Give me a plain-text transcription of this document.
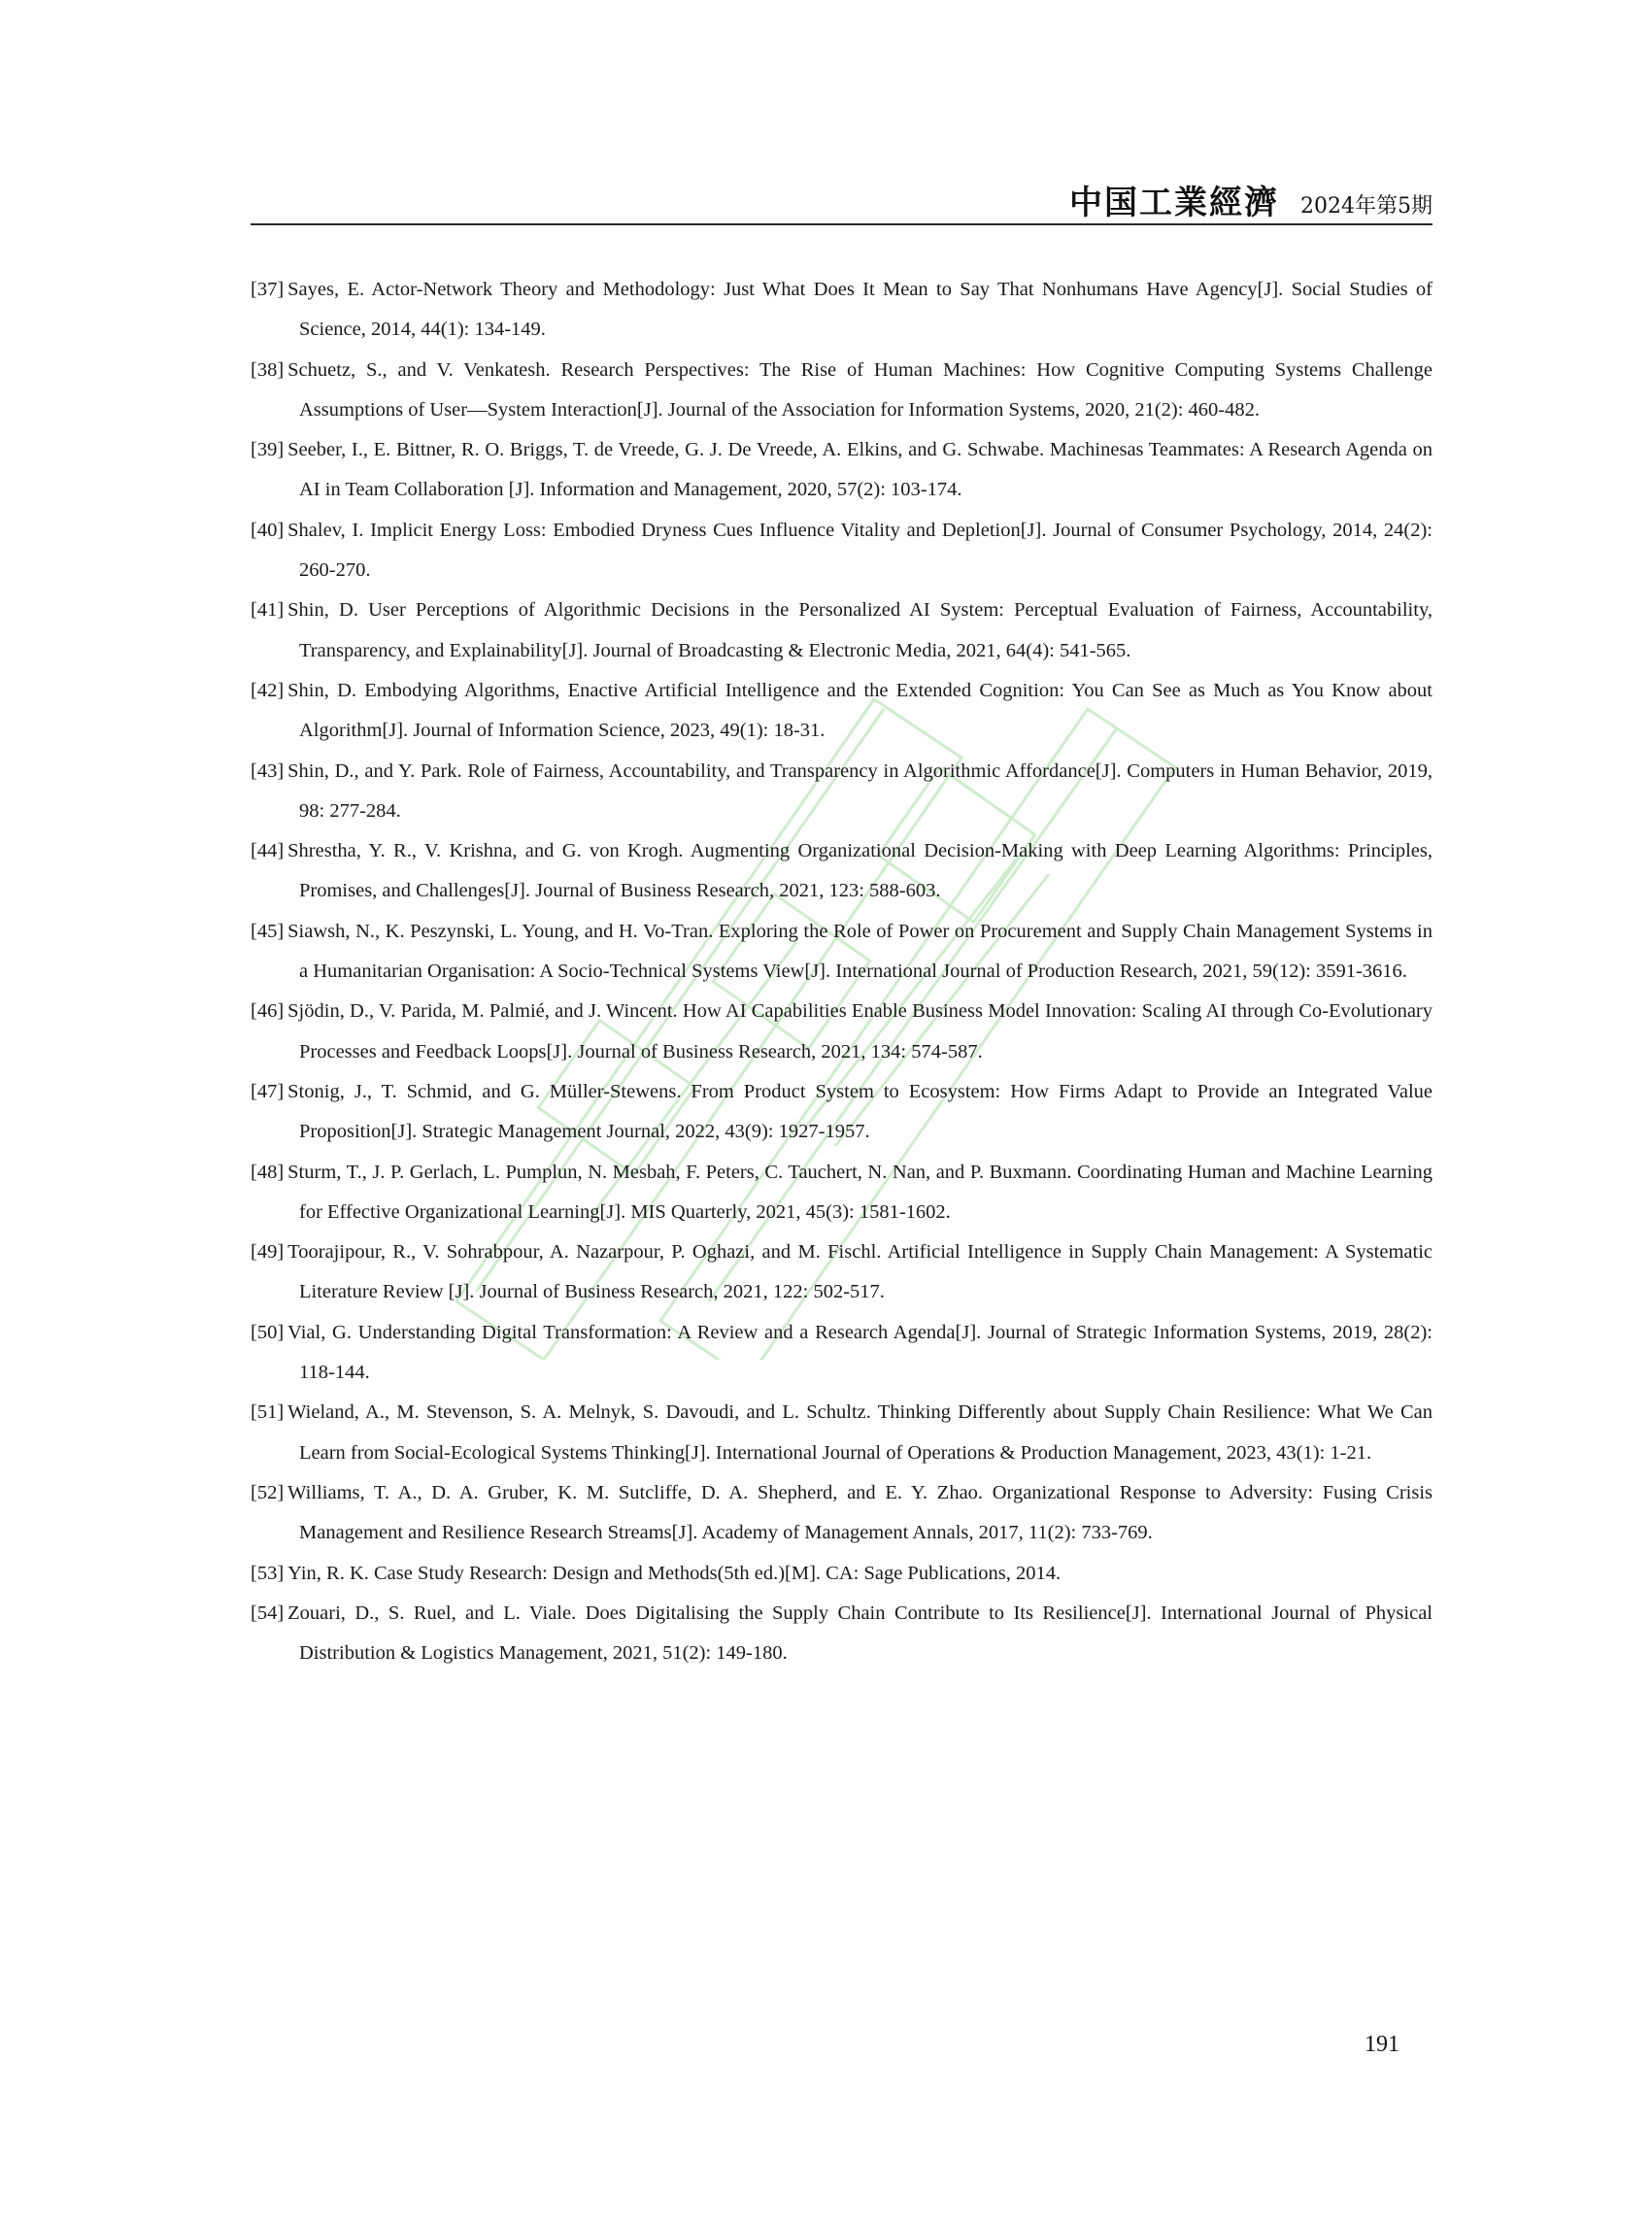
中国工業經濟 2024年第5期
[37] Sayes, E. Actor-Network Theory and Methodology: Just What Does It Mean to Say That Nonhumans Have Agency[J]. Social Studies of Science, 2014, 44(1): 134-149.
[38] Schuetz, S., and V. Venkatesh. Research Perspectives: The Rise of Human Machines: How Cognitive Computing Systems Challenge Assumptions of User—System Interaction[J]. Journal of the Association for Information Systems, 2020, 21(2): 460-482.
[39] Seeber, I., E. Bittner, R. O. Briggs, T. de Vreede, G. J. De Vreede, A. Elkins, and G. Schwabe. Machinesas Teammates: A Research Agenda on AI in Team Collaboration [J]. Information and Management, 2020, 57(2): 103-174.
[40] Shalev, I. Implicit Energy Loss: Embodied Dryness Cues Influence Vitality and Depletion[J]. Journal of Consumer Psychology, 2014, 24(2): 260-270.
[41] Shin, D. User Perceptions of Algorithmic Decisions in the Personalized AI System: Perceptual Evaluation of Fairness, Accountability, Transparency, and Explainability[J]. Journal of Broadcasting & Electronic Media, 2021, 64(4): 541-565.
[42] Shin, D. Embodying Algorithms, Enactive Artificial Intelligence and the Extended Cognition: You Can See as Much as You Know about Algorithm[J]. Journal of Information Science, 2023, 49(1): 18-31.
[43] Shin, D., and Y. Park. Role of Fairness, Accountability, and Transparency in Algorithmic Affordance[J]. Computers in Human Behavior, 2019, 98: 277-284.
[44] Shrestha, Y. R., V. Krishna, and G. von Krogh. Augmenting Organizational Decision-Making with Deep Learning Algorithms: Principles, Promises, and Challenges[J]. Journal of Business Research, 2021, 123: 588-603.
[45] Siawsh, N., K. Peszynski, L. Young, and H. Vo-Tran. Exploring the Role of Power on Procurement and Supply Chain Management Systems in a Humanitarian Organisation: A Socio-Technical Systems View[J]. International Journal of Production Research, 2021, 59(12): 3591-3616.
[46] Sjödin, D., V. Parida, M. Palmié, and J. Wincent. How AI Capabilities Enable Business Model Innovation: Scaling AI through Co-Evolutionary Processes and Feedback Loops[J]. Journal of Business Research, 2021, 134: 574-587.
[47] Stonig, J., T. Schmid, and G. Müller-Stewens. From Product System to Ecosystem: How Firms Adapt to Provide an Integrated Value Proposition[J]. Strategic Management Journal, 2022, 43(9): 1927-1957.
[48] Sturm, T., J. P. Gerlach, L. Pumplun, N. Mesbah, F. Peters, C. Tauchert, N. Nan, and P. Buxmann. Coordinating Human and Machine Learning for Effective Organizational Learning[J]. MIS Quarterly, 2021, 45(3): 1581-1602.
[49] Toorajipour, R., V. Sohrabpour, A. Nazarpour, P. Oghazi, and M. Fischl. Artificial Intelligence in Supply Chain Management: A Systematic Literature Review [J]. Journal of Business Research, 2021, 122: 502-517.
[50] Vial, G. Understanding Digital Transformation: A Review and a Research Agenda[J]. Journal of Strategic Information Systems, 2019, 28(2): 118-144.
[51] Wieland, A., M. Stevenson, S. A. Melnyk, S. Davoudi, and L. Schultz. Thinking Differently about Supply Chain Resilience: What We Can Learn from Social-Ecological Systems Thinking[J]. International Journal of Operations & Production Management, 2023, 43(1): 1-21.
[52] Williams, T. A., D. A. Gruber, K. M. Sutcliffe, D. A. Shepherd, and E. Y. Zhao. Organizational Response to Adversity: Fusing Crisis Management and Resilience Research Streams[J]. Academy of Management Annals, 2017, 11(2): 733-769.
[53] Yin, R. K. Case Study Research: Design and Methods(5th ed.)[M]. CA: Sage Publications, 2014.
[54] Zouari, D., S. Ruel, and L. Viale. Does Digitalising the Supply Chain Contribute to Its Resilience[J]. International Journal of Physical Distribution & Logistics Management, 2021, 51(2): 149-180.
191
